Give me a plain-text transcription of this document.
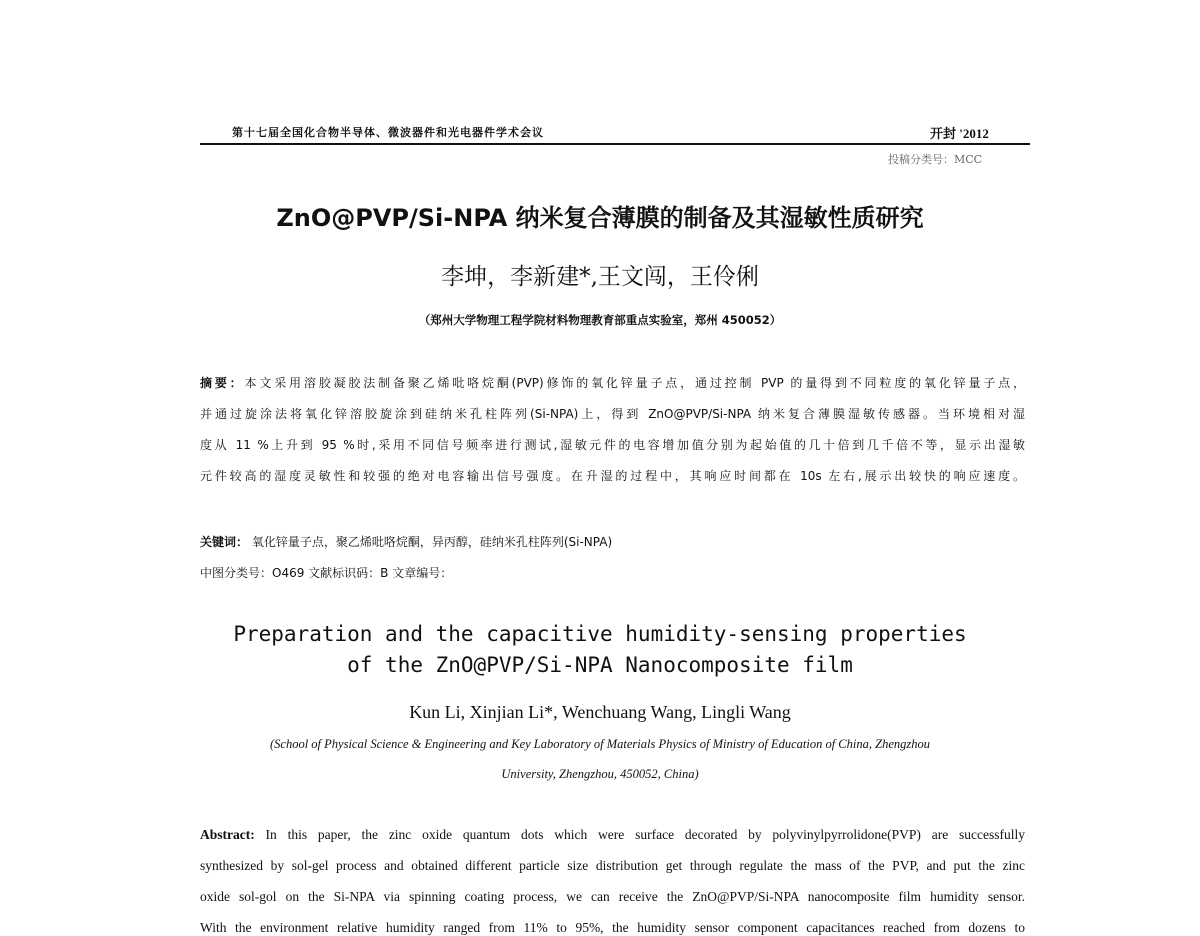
第十七届全国化合物半导体、微波器件和光电器件学术会议	开封 '2012
投稿分类号：MCC
ZnO@PVP/Si-NPA 纳米复合薄膜的制备及其湿敏性质研究
李坤，李新建*,王文闯，王伶俐
（郑州大学物理工程学院材料物理教育部重点实验室，郑州 450052）
摘要：本文采用溶胶凝胶法制备聚乙烯吡咯烷酮(PVP)修饰的氧化锌量子点，通过控制 PVP 的量得到不同粒度的氧化锌量子点，
并通过旋涂法将氧化锌溶胶旋涂到硅纳米孔柱阵列(Si-NPA)上，得到 ZnO@PVP/Si-NPA 纳米复合薄膜湿敏传感器。当环境相对湿
度从 11 %上升到 95 %时,采用不同信号频率进行测试,湿敏元件的电容增加值分别为起始值的几十倍到几千倍不等，显示出湿敏
元件较高的湿度灵敏性和较强的绝对电容输出信号强度。在升湿的过程中，其响应时间都在 10s 左右,展示出较快的响应速度。
关键词： 氧化锌量子点，聚乙烯吡咯烷酮，异丙醇，硅纳米孔柱阵列(Si-NPA)
中图分类号：O469 文献标识码：B 文章编号：
Preparation and the capacitive humidity-sensing properties
of the ZnO@PVP/Si-NPA Nanocomposite film
Kun Li, Xinjian Li*, Wenchuang Wang, Lingli Wang
(School of Physical Science & Engineering and Key Laboratory of Materials Physics of Ministry of Education of China, Zhengzhou
University, Zhengzhou, 450052, China)
Abstract: In this paper, the zinc oxide quantum dots which were surface decorated by polyvinylpyrrolidone(PVP) are successfully
synthesized by sol-gel process and obtained different particle size distribution get through regulate the mass of the PVP, and put the zinc
oxide sol-gol on the Si-NPA via spinning coating process, we can receive the ZnO@PVP/Si-NPA nanocomposite film humidity sensor.
With the environment relative humidity ranged from 11% to 95%, the humidity sensor component capacitances reached from dozens to
